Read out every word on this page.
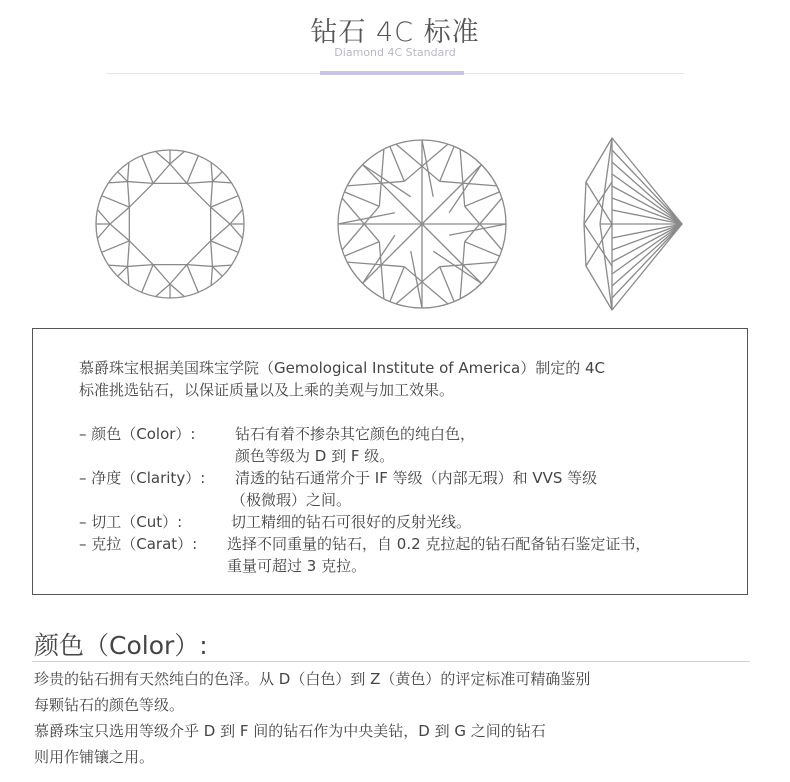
钻石 4C 标准
Diamond 4C Standard
慕爵珠宝根据美国珠宝学院（Gemological Institute of America）制定的 4C
标准挑选钻石，以保证质量以及上乘的美观与加工效果。
– 颜色（Color）:	钻石有着不掺杂其它颜色的纯白色，
颜色等级为 D 到 F 级。
– 净度（Clarity）: 清透的钻石通常介于 IF 等级（内部无瑕）和 VVS 等级
（极微瑕）之间。
– 切工（Cut）:	切工精细的钻石可很好的反射光线。
– 克拉（Carat）: 选择不同重量的钻石，自 0.2 克拉起的钻石配备钻石鉴定证书，
重量可超过 3 克拉。
颜色（Color）:
珍贵的钻石拥有天然纯白的色泽。从 D（白色）到 Z（黄色）的评定标准可精确鉴别
每颗钻石的颜色等级。
慕爵珠宝只选用等级介乎 D 到 F 间的钻石作为中央美钻，D 到 G 之间的钻石
则用作铺镶之用。
